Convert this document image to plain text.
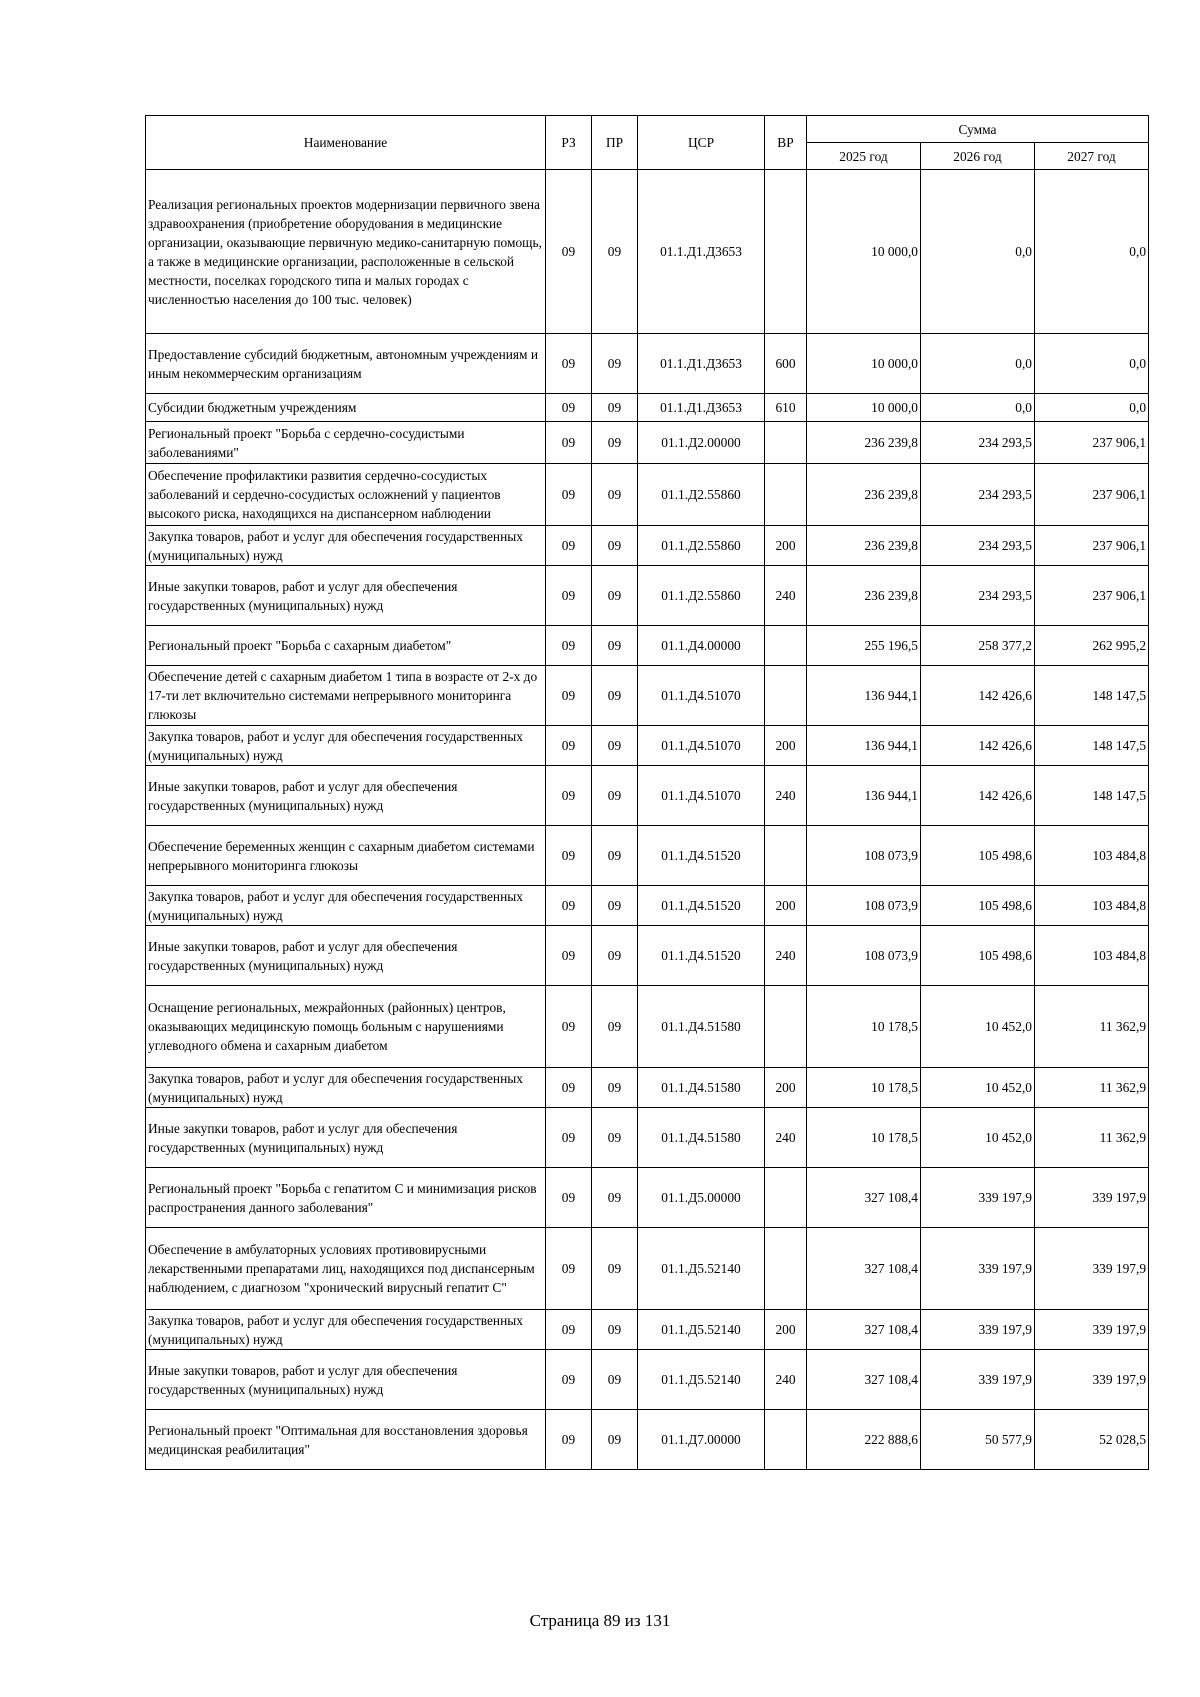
Наименование	РЗ	ПР	ЦСР	ВР	Сумма		
					2025 год	2026 год	2027 год
Реализация региональных проектов модернизации первичного звена здравоохранения (приобретение оборудования в медицинские организации, оказывающие первичную медико-санитарную помощь, а также в медицинские организации, расположенные в сельской местности, поселках городского типа и малых городах с численностью населения до 100 тыс. человек)	09	09	01.1.Д1.Д3653		10 000,0	0,0	0,0
Предоставление субсидий бюджетным, автономным учреждениям и иным некоммерческим организациям	09	09	01.1.Д1.Д3653	600	10 000,0	0,0	0,0
Субсидии бюджетным учреждениям	09	09	01.1.Д1.Д3653	610	10 000,0	0,0	0,0
Региональный проект "Борьба с сердечно-сосудистыми заболеваниями"	09	09	01.1.Д2.00000		236 239,8	234 293,5	237 906,1
Обеспечение профилактики развития сердечно-сосудистых заболеваний и сердечно-сосудистых осложнений у пациентов высокого риска, находящихся на диспансерном наблюдении	09	09	01.1.Д2.55860		236 239,8	234 293,5	237 906,1
Закупка товаров, работ и услуг для обеспечения государственных (муниципальных) нужд	09	09	01.1.Д2.55860	200	236 239,8	234 293,5	237 906,1
Иные закупки товаров, работ и услуг для обеспечения государственных (муниципальных) нужд	09	09	01.1.Д2.55860	240	236 239,8	234 293,5	237 906,1
Региональный проект "Борьба с сахарным диабетом"	09	09	01.1.Д4.00000		255 196,5	258 377,2	262 995,2
Обеспечение детей с сахарным диабетом 1 типа в возрасте от 2-х до 17-ти лет включительно системами непрерывного мониторинга глюкозы	09	09	01.1.Д4.51070		136 944,1	142 426,6	148 147,5
Закупка товаров, работ и услуг для обеспечения государственных (муниципальных) нужд	09	09	01.1.Д4.51070	200	136 944,1	142 426,6	148 147,5
Иные закупки товаров, работ и услуг для обеспечения государственных (муниципальных) нужд	09	09	01.1.Д4.51070	240	136 944,1	142 426,6	148 147,5
Обеспечение беременных женщин с сахарным диабетом системами непрерывного мониторинга глюкозы	09	09	01.1.Д4.51520		108 073,9	105 498,6	103 484,8
Закупка товаров, работ и услуг для обеспечения государственных (муниципальных) нужд	09	09	01.1.Д4.51520	200	108 073,9	105 498,6	103 484,8
Иные закупки товаров, работ и услуг для обеспечения государственных (муниципальных) нужд	09	09	01.1.Д4.51520	240	108 073,9	105 498,6	103 484,8
Оснащение региональных, межрайонных (районных) центров, оказывающих медицинскую помощь больным с нарушениями углеводного обмена и сахарным диабетом	09	09	01.1.Д4.51580		10 178,5	10 452,0	11 362,9
Закупка товаров, работ и услуг для обеспечения государственных (муниципальных) нужд	09	09	01.1.Д4.51580	200	10 178,5	10 452,0	11 362,9
Иные закупки товаров, работ и услуг для обеспечения государственных (муниципальных) нужд	09	09	01.1.Д4.51580	240	10 178,5	10 452,0	11 362,9
Региональный проект "Борьба с гепатитом С и минимизация рисков распространения данного заболевания"	09	09	01.1.Д5.00000		327 108,4	339 197,9	339 197,9
Обеспечение в амбулаторных условиях противовирусными лекарственными препаратами лиц, находящихся под диспансерным наблюдением, с диагнозом "хронический вирусный гепатит С"	09	09	01.1.Д5.52140		327 108,4	339 197,9	339 197,9
Закупка товаров, работ и услуг для обеспечения государственных (муниципальных) нужд	09	09	01.1.Д5.52140	200	327 108,4	339 197,9	339 197,9
Иные закупки товаров, работ и услуг для обеспечения государственных (муниципальных) нужд	09	09	01.1.Д5.52140	240	327 108,4	339 197,9	339 197,9
Региональный проект "Оптимальная для восстановления здоровья медицинская реабилитация"	09	09	01.1.Д7.00000		222 888,6	50 577,9	52 028,5
Страница 89 из 131
